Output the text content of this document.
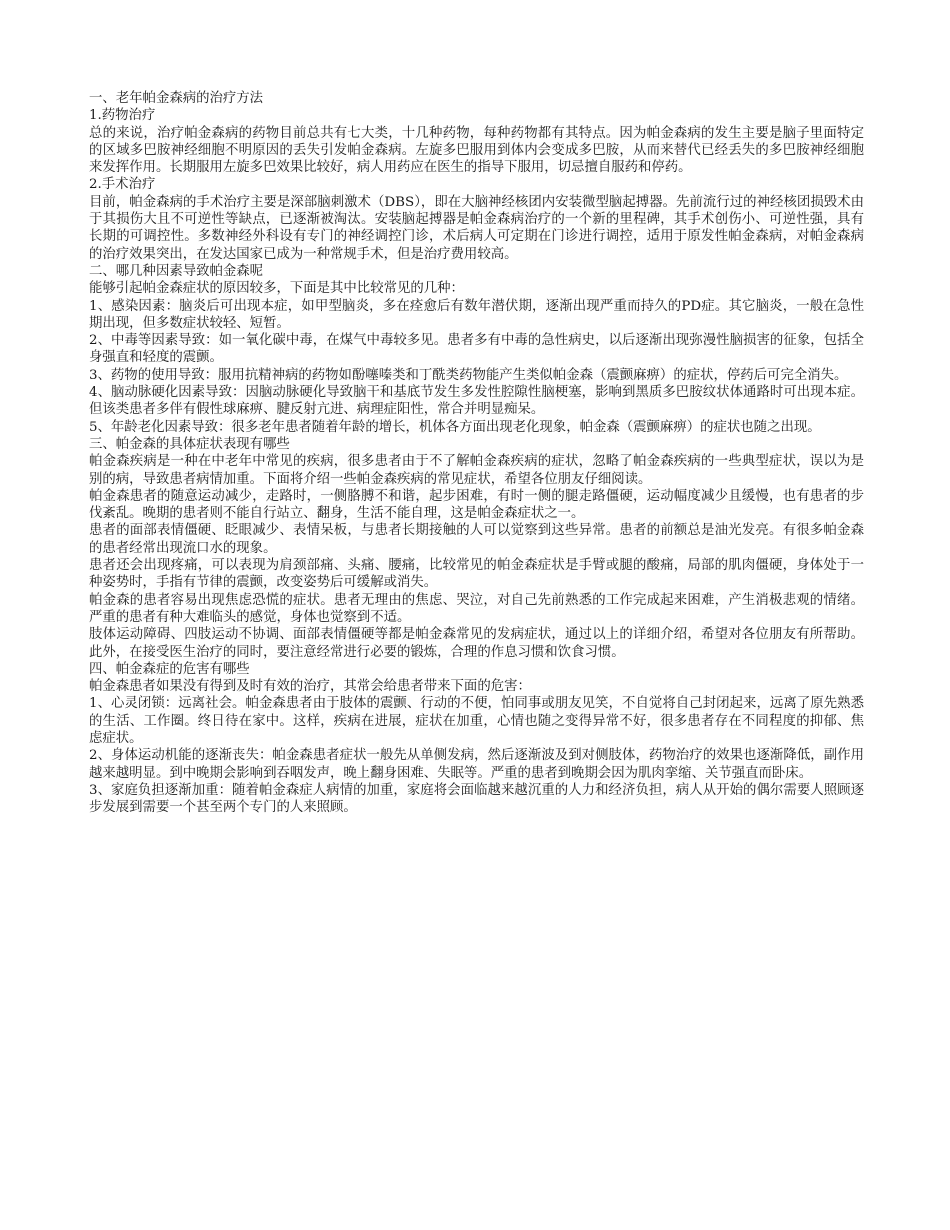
一、老年帕金森病的治疗方法

1.药物治疗

总的来说，治疗帕金森病的药物目前总共有七大类，十几种药物，每种药物都有其特点。因为帕金森病的发生主要是脑子里面特定的区域多巴胺神经细胞不明原因的丢失引发帕金森病。左旋多巴服用到体内会变成多巴胺，从而来替代已经丢失的多巴胺神经细胞来发挥作用。长期服用左旋多巴效果比较好，病人用药应在医生的指导下服用，切忌擅自服药和停药。

2.手术治疗

目前，帕金森病的手术治疗主要是深部脑刺激术（DBS），即在大脑神经核团内安装微型脑起搏器。先前流行过的神经核团损毁术由于其损伤大且不可逆性等缺点，已逐渐被淘汰。安装脑起搏器是帕金森病治疗的一个新的里程碑，其手术创伤小、可逆性强，具有长期的可调控性。多数神经外科设有专门的神经调控门诊，术后病人可定期在门诊进行调控，适用于原发性帕金森病，对帕金森病的治疗效果突出，在发达国家已成为一种常规手术，但是治疗费用较高。

二、哪几种因素导致帕金森呢

能够引起帕金森症状的原因较多，下面是其中比较常见的几种：

1、感染因素：脑炎后可出现本症，如甲型脑炎，多在痊愈后有数年潜伏期，逐渐出现严重而持久的PD症。其它脑炎，一般在急性期出现，但多数症状较轻、短暂。

2、中毒等因素导致：如一氧化碳中毒，在煤气中毒较多见。患者多有中毒的急性病史，以后逐渐出现弥漫性脑损害的征象，包括全身强直和轻度的震颤。

3、药物的使用导致：服用抗精神病的药物如酚噻嗪类和丁酰类药物能产生类似帕金森（震颤麻痹）的症状，停药后可完全消失。

4、脑动脉硬化因素导致：因脑动脉硬化导致脑干和基底节发生多发性腔隙性脑梗塞，影响到黑质多巴胺纹状体通路时可出现本症。但该类患者多伴有假性球麻痹、腱反射亢进、病理症阳性，常合并明显痴呆。

5、年龄老化因素导致：很多老年患者随着年龄的增长，机体各方面出现老化现象，帕金森（震颤麻痹）的症状也随之出现。

三、帕金森的具体症状表现有哪些

帕金森疾病是一种在中老年中常见的疾病，很多患者由于不了解帕金森疾病的症状，忽略了帕金森疾病的一些典型症状，误以为是别的病，导致患者病情加重。下面将介绍一些帕金森疾病的常见症状，希望各位朋友仔细阅读。

帕金森患者的随意运动减少，走路时，一侧胳膊不和谐，起步困难，有时一侧的腿走路僵硬，运动幅度减少且缓慢，也有患者的步伐紊乱。晚期的患者则不能自行站立、翻身，生活不能自理，这是帕金森症状之一。

患者的面部表情僵硬、眨眼减少、表情呆板，与患者长期接触的人可以觉察到这些异常。患者的前额总是油光发亮。有很多帕金森的患者经常出现流口水的现象。

患者还会出现疼痛，可以表现为肩颈部痛、头痛、腰痛，比较常见的帕金森症状是手臂或腿的酸痛，局部的肌肉僵硬，身体处于一种姿势时，手指有节律的震颤，改变姿势后可缓解或消失。

帕金森的患者容易出现焦虑恐慌的症状。患者无理由的焦虑、哭泣，对自己先前熟悉的工作完成起来困难，产生消极悲观的情绪。严重的患者有种大难临头的感觉，身体也觉察到不适。

肢体运动障碍、四肢运动不协调、面部表情僵硬等都是帕金森常见的发病症状，通过以上的详细介绍，希望对各位朋友有所帮助。此外，在接受医生治疗的同时，要注意经常进行必要的锻炼，合理的作息习惯和饮食习惯。

四、帕金森症的危害有哪些

帕金森患者如果没有得到及时有效的治疗，其常会给患者带来下面的危害：

1、心灵闭锁：远离社会。帕金森患者由于肢体的震颤、行动的不便，怕同事或朋友见笑，不自觉将自己封闭起来，远离了原先熟悉的生活、工作圈。终日待在家中。这样，疾病在进展，症状在加重，心情也随之变得异常不好，很多患者存在不同程度的抑郁、焦虑症状。

2、身体运动机能的逐渐丧失：帕金森患者症状一般先从单侧发病，然后逐渐波及到对侧肢体，药物治疗的效果也逐渐降低，副作用越来越明显。到中晚期会影响到吞咽发声，晚上翻身困难、失眠等。严重的患者到晚期会因为肌肉挛缩、关节强直而卧床。

3、家庭负担逐渐加重：随着帕金森症人病情的加重，家庭将会面临越来越沉重的人力和经济负担，病人从开始的偶尔需要人照顾逐步发展到需要一个甚至两个专门的人来照顾。
